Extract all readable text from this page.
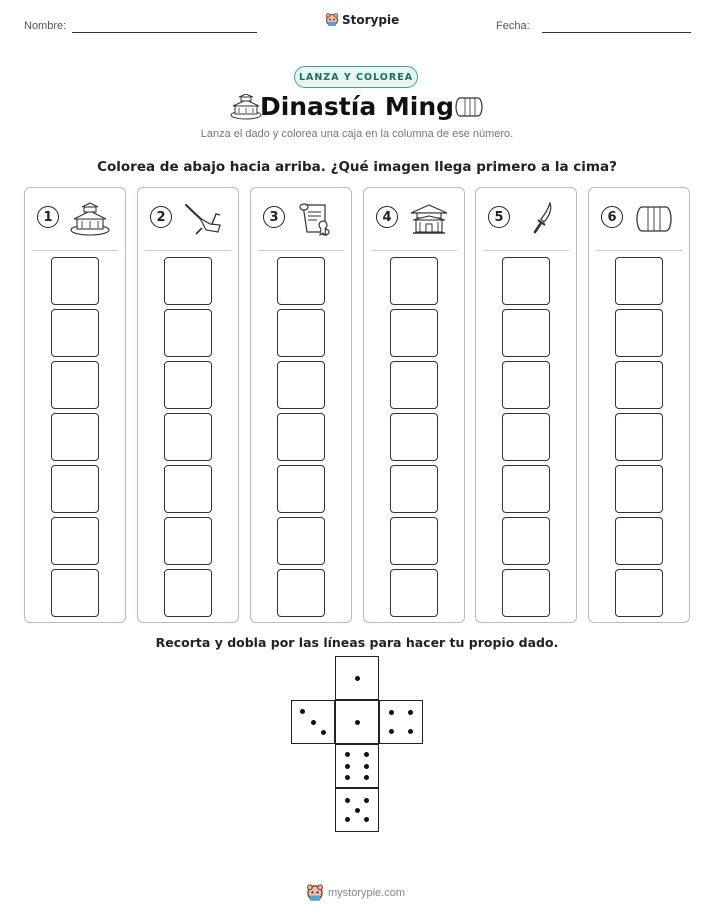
Nombre:	Storypie	Fecha:
LANZA Y COLOREA
Dinastía Ming
Lanza el dado y colorea una caja en la columna de ese número.
Colorea de abajo hacia arriba. ¿Qué imagen llega primero a la cima?
1	2	3	4	5	6
Recorta y dobla por las líneas para hacer tu propio dado.
mystorypie.com
